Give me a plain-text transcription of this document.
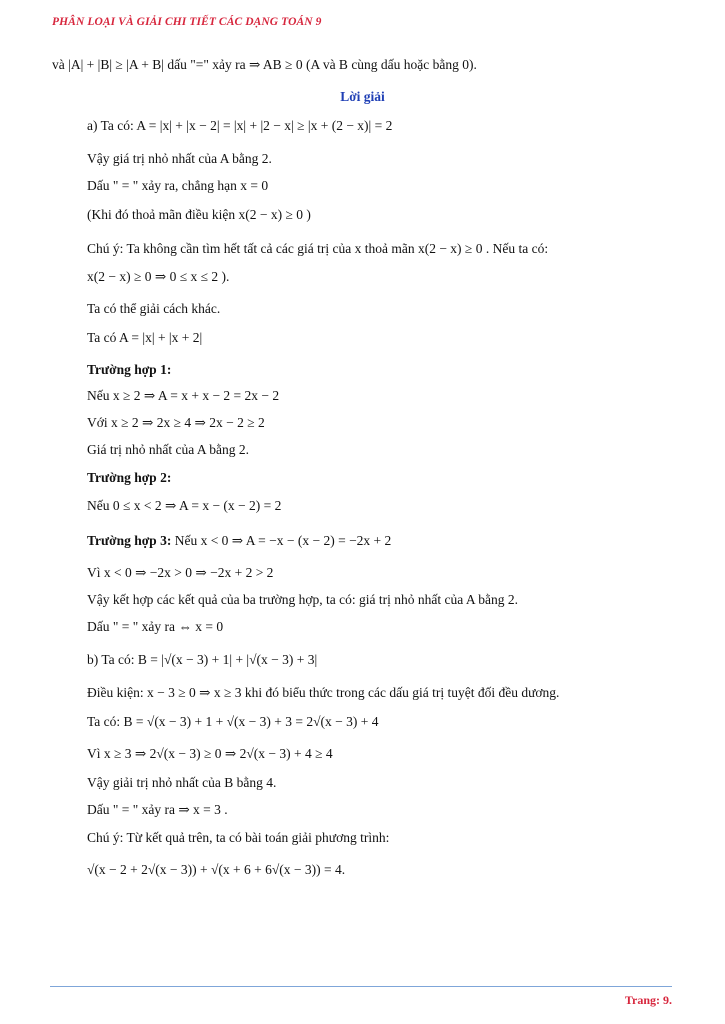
PHÂN LOẠI VÀ GIẢI CHI TIẾT CÁC DẠNG TOÁN 9
và |A| + |B| ≥ |A + B| dấu "=" xảy ra ⇒ AB ≥ 0 (A và B cùng dấu hoặc bằng 0).
Lời giải
a) Ta có: A = |x| + |x − 2| = |x| + |2 − x| ≥ |x + (2 − x)| = 2
Vậy giá trị nhỏ nhất của A bằng 2.
Dấu " = " xảy ra, chẳng hạn x = 0
(Khi đó thoả mãn điều kiện x(2 − x) ≥ 0 )
Chú ý: Ta không cần tìm hết tất cả các giá trị của x thoả mãn x(2 − x) ≥ 0 . Nếu ta có:
x(2 − x) ≥ 0 ⇒ 0 ≤ x ≤ 2 ).
Ta có thể giải cách khác.
Ta có A = |x| + |x + 2|
Trường hợp 1:
Nếu x ≥ 2 ⇒ A = x + x − 2 = 2x − 2
Với x ≥ 2 ⇒ 2x ≥ 4 ⇒ 2x − 2 ≥ 2
Giá trị nhỏ nhất của A bằng 2.
Trường hợp 2:
Nếu 0 ≤ x < 2 ⇒ A = x − (x − 2) = 2
Trường hợp 3: Nếu x < 0 ⇒ A = −x − (x − 2) = −2x + 2
Vì x < 0 ⇒ −2x > 0 ⇒ −2x + 2 > 2
Vậy kết hợp các kết quả của ba trường hợp, ta có: giá trị nhỏ nhất của A bằng 2.
Dấu " = " xảy ra ⇔ x = 0
b) Ta có: B = |√(x − 3) + 1| + |√(x − 3) + 3|
Điều kiện: x − 3 ≥ 0 ⇒ x ≥ 3 khi đó biểu thức trong các dấu giá trị tuyệt đối đều dương.
Ta có: B = √(x − 3) + 1 + √(x − 3) + 3 = 2√(x − 3) + 4
Vì x ≥ 3 ⇒ 2√(x − 3) ≥ 0 ⇒ 2√(x − 3) + 4 ≥ 4
Vậy giải trị nhỏ nhất của B bằng 4.
Dấu " = " xảy ra ⇒ x = 3 .
Chú ý: Từ kết quả trên, ta có bài toán giải phương trình:
√(x − 2 + 2√(x − 3)) + √(x + 6 + 6√(x − 3)) = 4.
Trang: 9.
